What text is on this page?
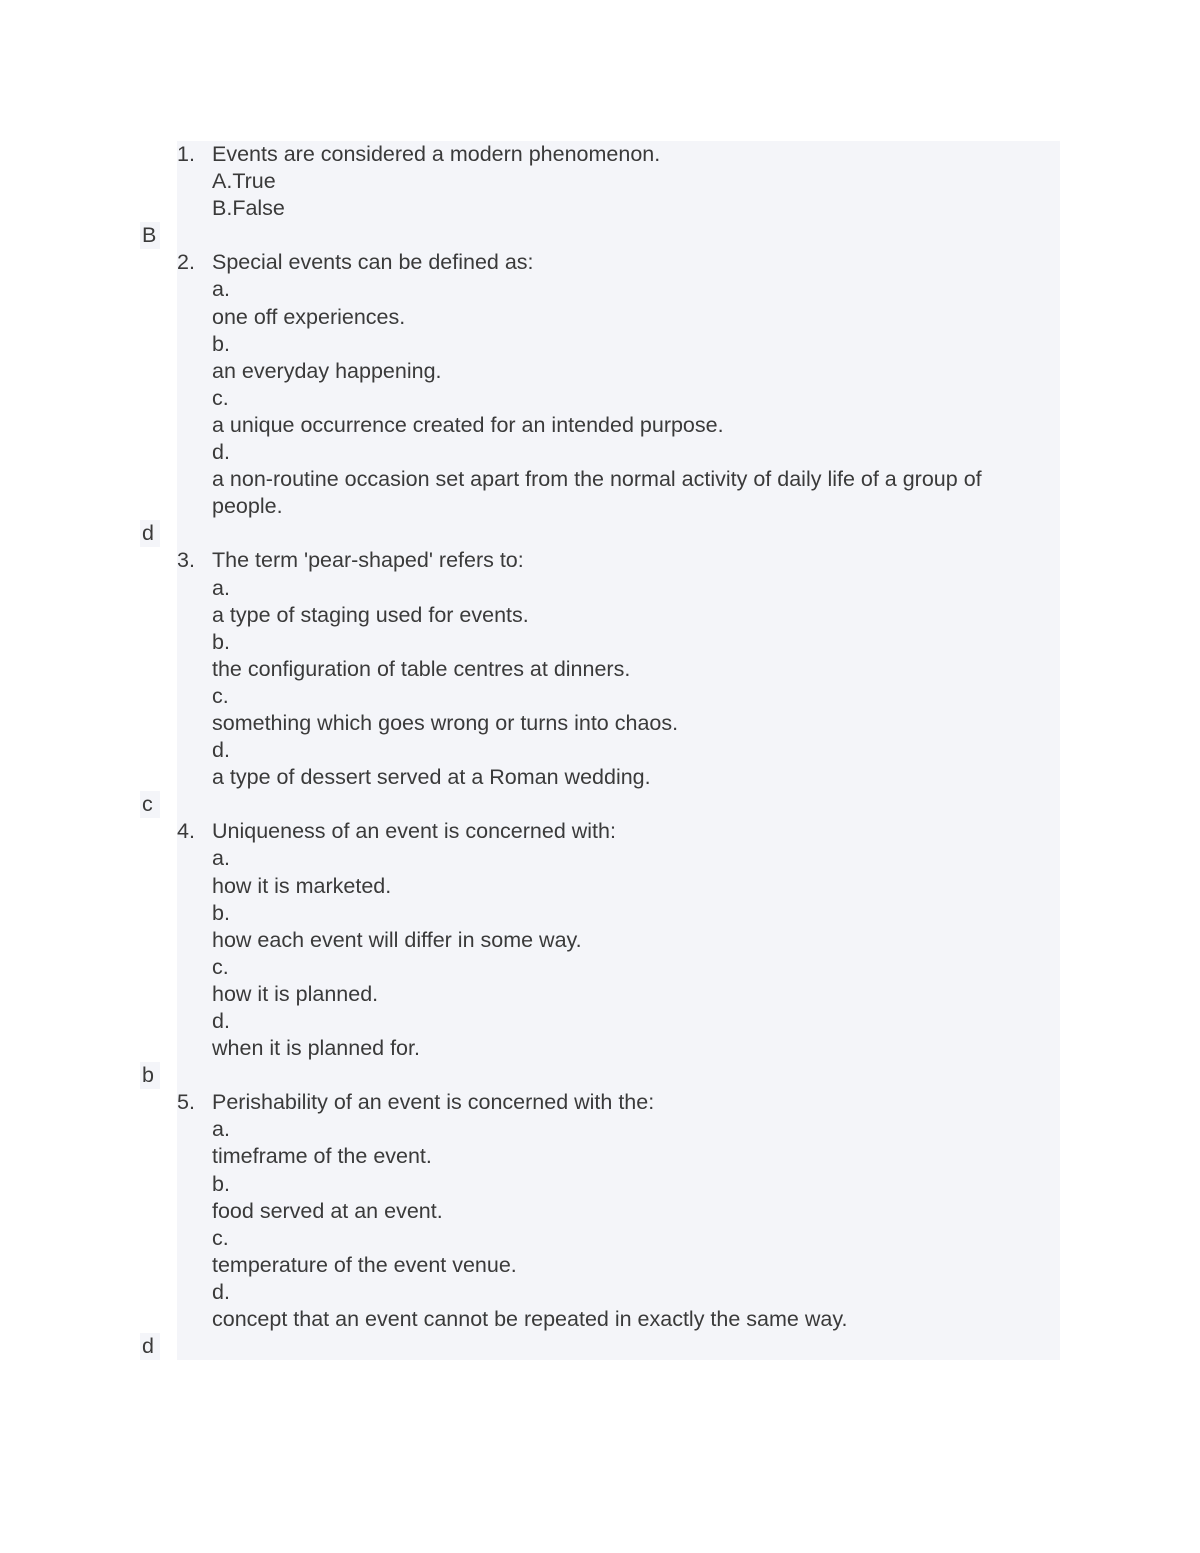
1. Events are considered a modern phenomenon.
A.True
B.False
B
2. Special events can be defined as:
a.
one off experiences.
b.
an everyday happening.
c.
a unique occurrence created for an intended purpose.
d.
a non-routine occasion set apart from the normal activity of daily life of a group of
people.
d
3. The term 'pear-shaped' refers to:
a.
a type of staging used for events.
b.
the configuration of table centres at dinners.
c.
something which goes wrong or turns into chaos.
d.
a type of dessert served at a Roman wedding.
c
4. Uniqueness of an event is concerned with:
a.
how it is marketed.
b.
how each event will differ in some way.
c.
how it is planned.
d.
when it is planned for.
b
5. Perishability of an event is concerned with the:
a.
timeframe of the event.
b.
food served at an event.
c.
temperature of the event venue.
d.
concept that an event cannot be repeated in exactly the same way.
d
